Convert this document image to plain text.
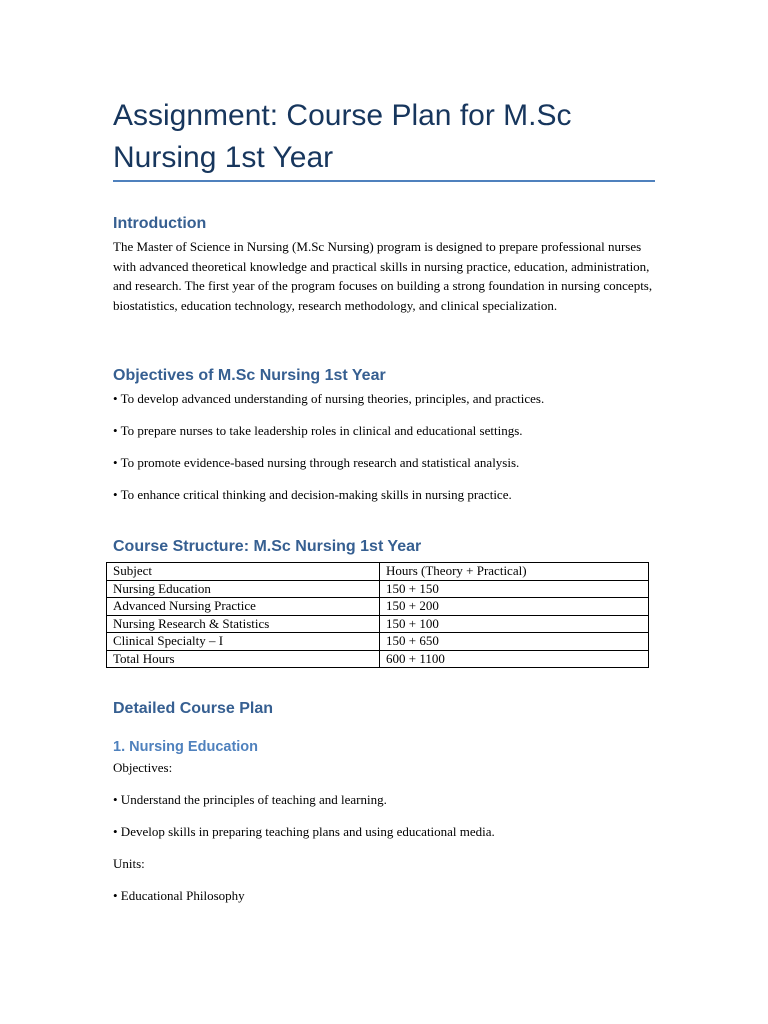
Assignment: Course Plan for M.Sc Nursing 1st Year
Introduction
The Master of Science in Nursing (M.Sc Nursing) program is designed to prepare professional nurses with advanced theoretical knowledge and practical skills in nursing practice, education, administration, and research. The first year of the program focuses on building a strong foundation in nursing concepts, biostatistics, education technology, research methodology, and clinical specialization.
Objectives of M.Sc Nursing 1st Year
• To develop advanced understanding of nursing theories, principles, and practices.
• To prepare nurses to take leadership roles in clinical and educational settings.
• To promote evidence-based nursing through research and statistical analysis.
• To enhance critical thinking and decision-making skills in nursing practice.
Course Structure: M.Sc Nursing 1st Year
Subject	Hours (Theory + Practical)
Nursing Education	150 + 150
Advanced Nursing Practice	150 + 200
Nursing Research & Statistics	150 + 100
Clinical Specialty – I	150 + 650
Total Hours	600 + 1100
Detailed Course Plan
1. Nursing Education
Objectives:
• Understand the principles of teaching and learning.
• Develop skills in preparing teaching plans and using educational media.
Units:
• Educational Philosophy
